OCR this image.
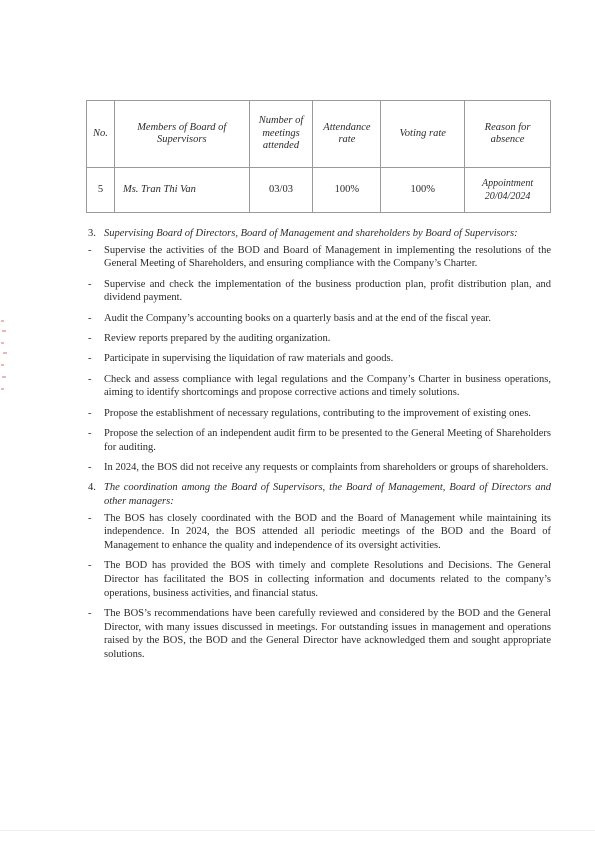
No.	Members of Board of Supervisors	Number of meetings attended	Attendance rate	Voting rate	Reason for absence
5	Ms. Tran Thi Van	03/03	100%	100%	Appointment 20/04/2024
3. Supervising Board of Directors, Board of Management and shareholders by Board of Supervisors:
- Supervise the activities of the BOD and Board of Management in implementing the resolutions of the General Meeting of Shareholders, and ensuring compliance with the Company’s Charter.
- Supervise and check the implementation of the business production plan, profit distribution plan, and dividend payment.
- Audit the Company’s accounting books on a quarterly basis and at the end of the fiscal year.
- Review reports prepared by the auditing organization.
- Participate in supervising the liquidation of raw materials and goods.
- Check and assess compliance with legal regulations and the Company’s Charter in business operations, aiming to identify shortcomings and propose corrective actions and timely solutions.
- Propose the establishment of necessary regulations, contributing to the improvement of existing ones.
- Propose the selection of an independent audit firm to be presented to the General Meeting of Shareholders for auditing.
- In 2024, the BOS did not receive any requests or complaints from shareholders or groups of shareholders.
4. The coordination among the Board of Supervisors, the Board of Management, Board of Directors and other managers:
- The BOS has closely coordinated with the BOD and the Board of Management while maintaining its independence. In 2024, the BOS attended all periodic meetings of the BOD and the Board of Management to enhance the quality and independence of its oversight activities.
- The BOD has provided the BOS with timely and complete Resolutions and Decisions. The General Director has facilitated the BOS in collecting information and documents related to the company’s operations, business activities, and financial status.
- The BOS’s recommendations have been carefully reviewed and considered by the BOD and the General Director, with many issues discussed in meetings. For outstanding issues in management and operations raised by the BOS, the BOD and the General Director have acknowledged them and sought appropriate solutions.
